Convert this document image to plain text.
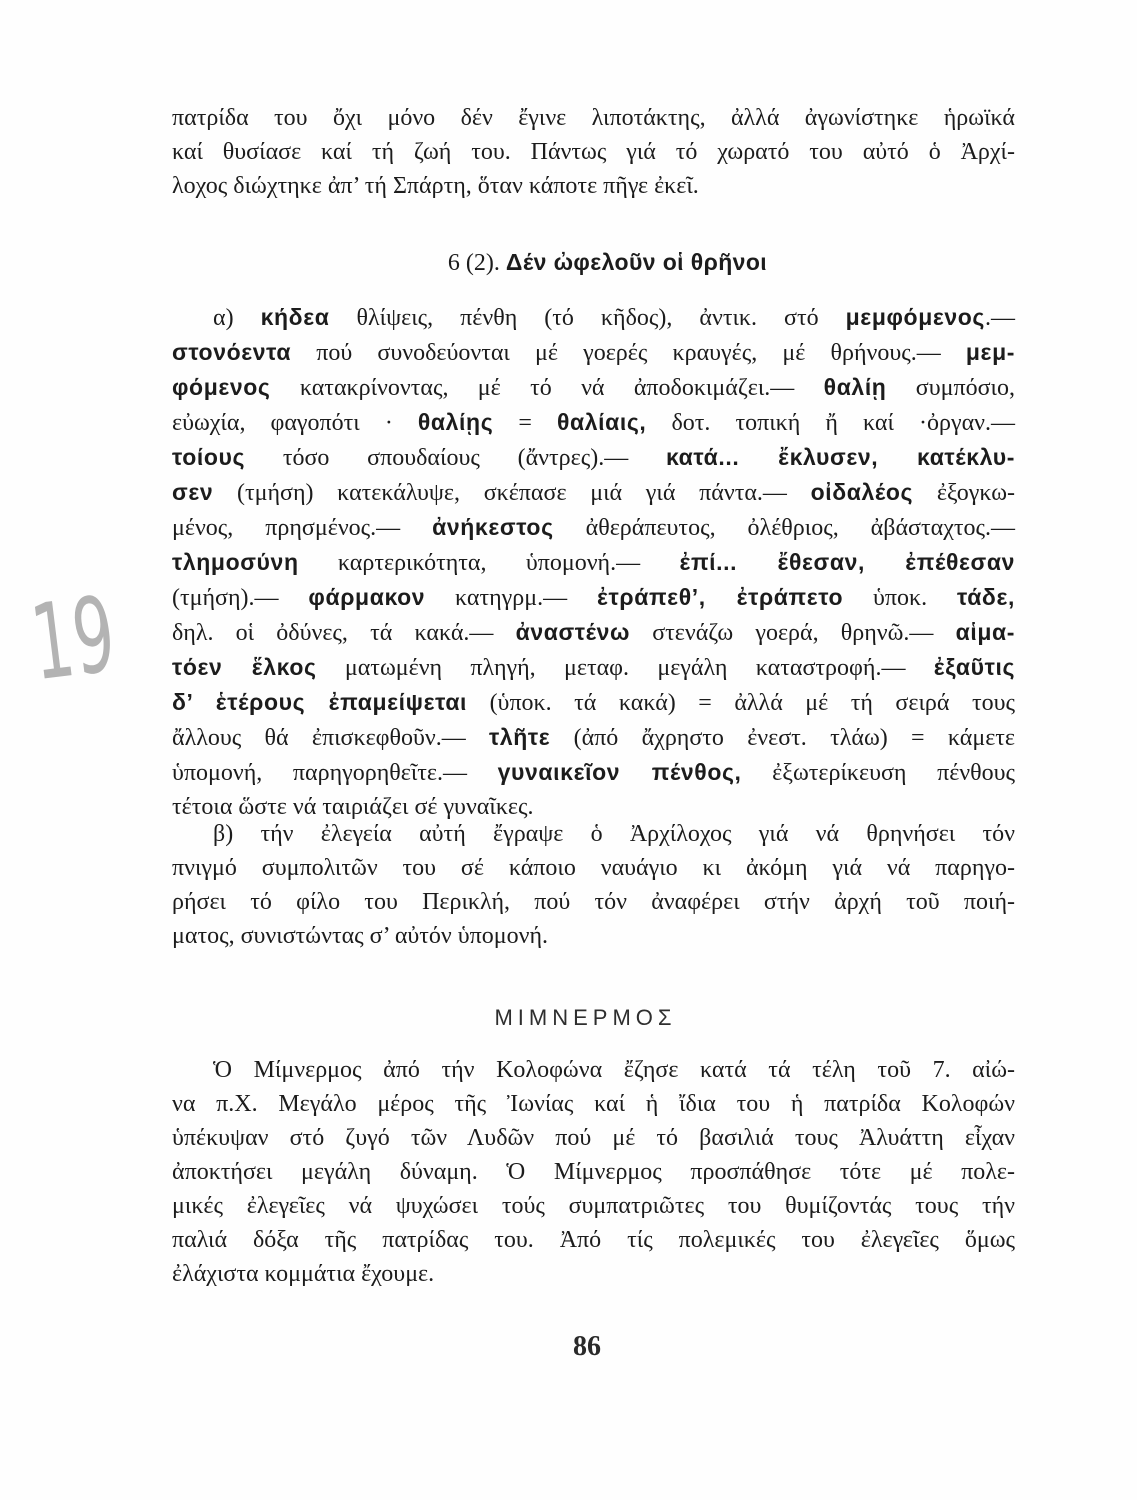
19
πατρίδα του ὄχι μόνο δέν ἔγινε λιποτάκτης, ἀλλά ἀγωνίστηκε ἡρωϊκά
καί θυσίασε καί τή ζωή του. Πάντως γιά τό χωρατό του αὐτό ὁ Ἀρχί-
λοχος διώχτηκε ἀπ’ τή Σπάρτη, ὅταν κάποτε πῆγε ἐκεῖ.
6 (2). Δέν ὠφελοῦν οἱ θρῆνοι
α) κήδεα θλίψεις, πένθη (τό κῆδος), ἀντικ. στό μεμφόμενος.—
στονόεντα πού συνοδεύονται μέ γοερές κραυγές, μέ θρήνους.— μεμ-
φόμενος κατακρίνοντας, μέ τό νά ἀποδοκιμάζει.— θαλίῃ συμπόσιο,
εὐωχία, φαγοπότι · θαλίῃς = θαλίαις, δοτ. τοπική ἤ καί ·ὀργαν.—
τοίους τόσο σπουδαίους (ἄντρες).— κατά... ἔκλυσεν, κατέκλυ-
σεν (τμήση) κατεκάλυψε, σκέπασε μιά γιά πάντα.— οἰδαλέος ἐξογκω-
μένος, πρησμένος.— ἀνήκεστος ἀθεράπευτος, ὀλέθριος, ἀβάσταχτος.—
τλημοσύνη καρτερικότητα, ὑπομονή.— ἐπί... ἔθεσαν, ἐπέθεσαν
(τμήση).— φάρμακον κατηγρμ.— ἐτράπεθ’, ἐτράπετο ὑποκ. τάδε,
δηλ. οἱ ὀδύνες, τά κακά.— ἀναστένω στενάζω γοερά, θρηνῶ.— αἱμα-
τόεν ἕλκος ματωμένη πληγή, μεταφ. μεγάλη καταστροφή.— ἐξαῦτις
δ’ ἑτέρους ἐπαμείψεται (ὑποκ. τά κακά) = ἀλλά μέ τή σειρά τους
ἄλλους θά ἐπισκεφθοῦν.— τλῆτε (ἀπό ἄχρηστο ἐνεστ. τλάω) = κάμετε
ὑπομονή, παρηγορηθεῖτε.— γυναικεῖον πένθος, ἐξωτερίκευση πένθους
τέτοια ὥστε νά ταιριάζει σέ γυναῖκες.
β) τήν ἐλεγεία αὐτή ἔγραψε ὁ Ἀρχίλοχος γιά νά θρηνήσει τόν
πνιγμό συμπολιτῶν του σέ κάποιο ναυάγιο κι ἀκόμη γιά νά παρηγο-
ρήσει τό φίλο του Περικλή, πού τόν ἀναφέρει στήν ἀρχή τοῦ ποιή-
ματος, συνιστώντας σ’ αὐτόν ὑπομονή.
ΜΙΜΝΕΡΜΟΣ
Ὁ Μίμνερμος ἀπό τήν Κολοφώνα ἔζησε κατά τά τέλη τοῦ 7. αἰώ-
να π.Χ. Μεγάλο μέρος τῆς Ἰωνίας καί ἡ ἴδια του ἡ πατρίδα Κολοφών
ὑπέκυψαν στό ζυγό τῶν Λυδῶν πού μέ τό βασιλιά τους Ἀλυάττη εἶχαν
ἀποκτήσει μεγάλη δύναμη. Ὁ Μίμνερμος προσπάθησε τότε μέ πολε-
μικές ἐλεγεῖες νά ψυχώσει τούς συμπατριῶτες του θυμίζοντάς τους τήν
παλιά δόξα τῆς πατρίδας του. Ἀπό τίς πολεμικές του ἐλεγεῖες ὅμως
ἐλάχιστα κομμάτια ἔχουμε.
86
